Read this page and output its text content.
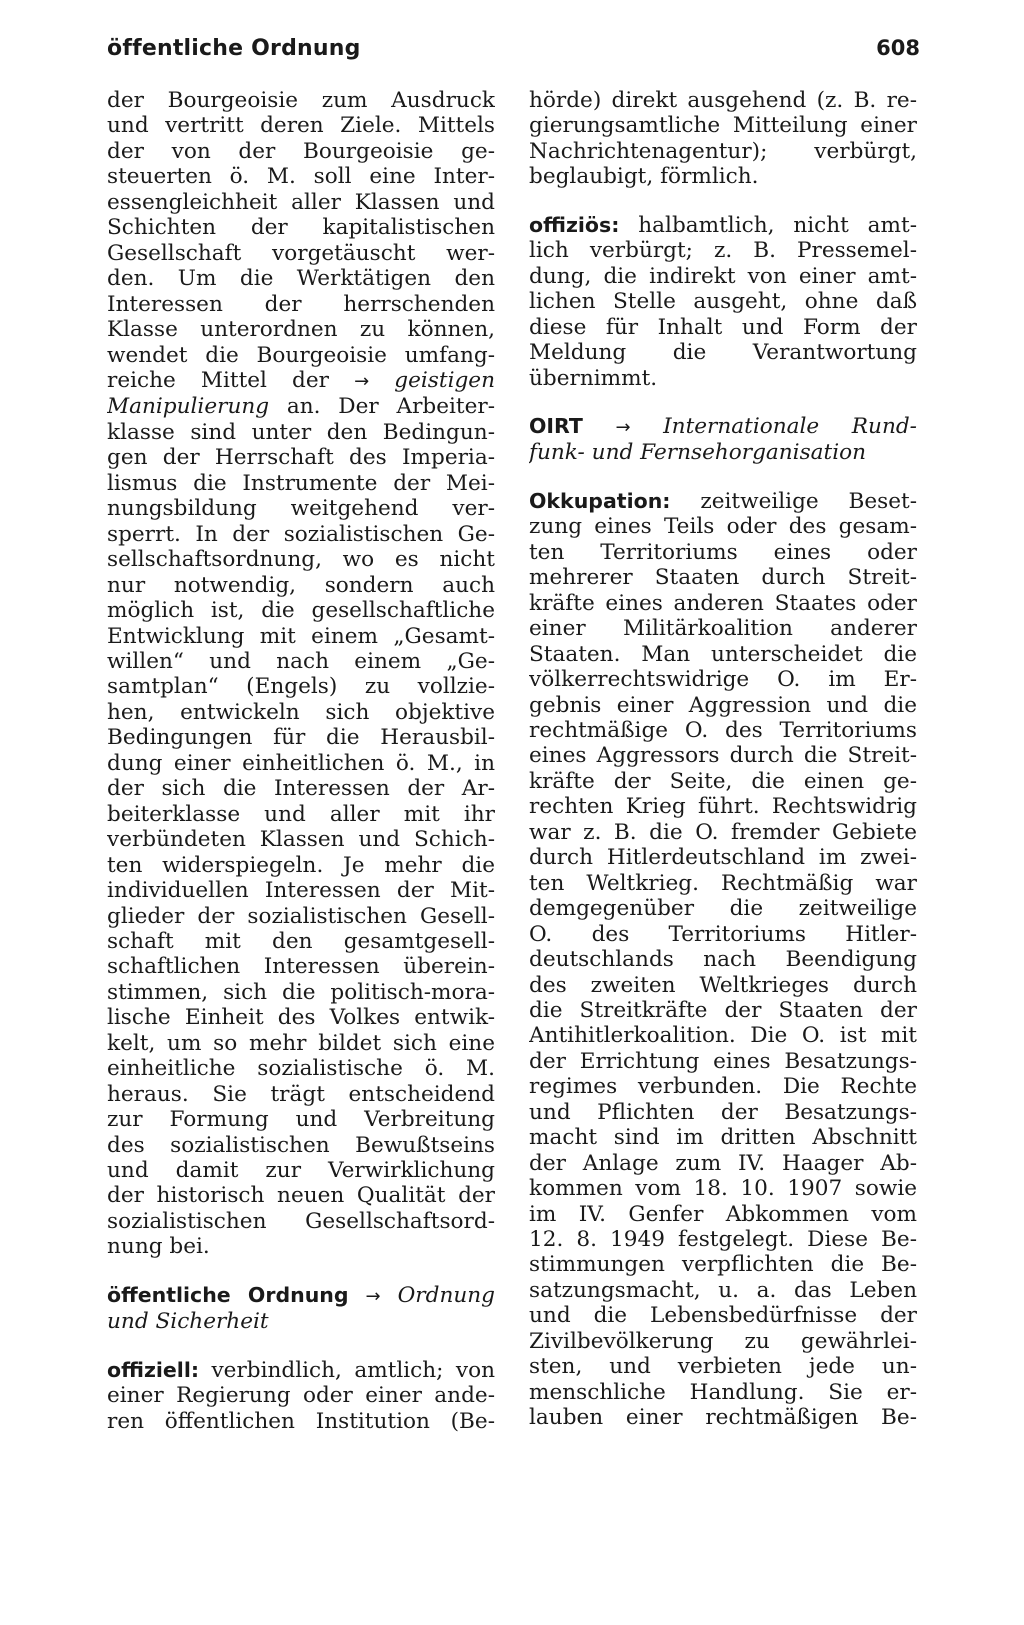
öffentliche Ordnung	608
der Bourgeoisie zum Ausdruck
und vertritt deren Ziele. Mittels
der von der Bourgeoisie ge-
steuerten ö. M. soll eine Inter-
essengleichheit aller Klassen und
Schichten der kapitalistischen
Gesellschaft vorgetäuscht wer-
den. Um die Werktätigen den
Interessen der herrschenden
Klasse unterordnen zu können,
wendet die Bourgeoisie umfang-
reiche Mittel der → geistigen
Manipulierung an. Der Arbeiter-
klasse sind unter den Bedingun-
gen der Herrschaft des Imperia-
lismus die Instrumente der Mei-
nungsbildung weitgehend ver-
sperrt. In der sozialistischen Ge-
sellschaftsordnung, wo es nicht
nur notwendig, sondern auch
möglich ist, die gesellschaftliche
Entwicklung mit einem „Gesamt-
willen“ und nach einem „Ge-
samtplan“ (Engels) zu vollzie-
hen, entwickeln sich objektive
Bedingungen für die Herausbil-
dung einer einheitlichen ö. M., in
der sich die Interessen der Ar-
beiterklasse und aller mit ihr
verbündeten Klassen und Schich-
ten widerspiegeln. Je mehr die
individuellen Interessen der Mit-
glieder der sozialistischen Gesell-
schaft mit den gesamtgesell-
schaftlichen Interessen überein-
stimmen, sich die politisch-mora-
lische Einheit des Volkes entwik-
kelt, um so mehr bildet sich eine
einheitliche sozialistische ö. M.
heraus. Sie trägt entscheidend
zur Formung und Verbreitung
des sozialistischen Bewußtseins
und damit zur Verwirklichung
der historisch neuen Qualität der
sozialistischen Gesellschaftsord-
nung bei.
öffentliche Ordnung → Ordnung
und Sicherheit
offiziell: verbindlich, amtlich; von
einer Regierung oder einer ande-
ren öffentlichen Institution (Be-
hörde) direkt ausgehend (z. B. re-
gierungsamtliche Mitteilung einer
Nachrichtenagentur); verbürgt,
beglaubigt, förmlich.
offiziös: halbamtlich, nicht amt-
lich verbürgt; z. B. Pressemel-
dung, die indirekt von einer amt-
lichen Stelle ausgeht, ohne daß
diese für Inhalt und Form der
Meldung die Verantwortung
übernimmt.
OIRT → Internationale Rund-
funk- und Fernsehorganisation
Okkupation: zeitweilige Beset-
zung eines Teils oder des gesam-
ten Territoriums eines oder
mehrerer Staaten durch Streit-
kräfte eines anderen Staates oder
einer Militärkoalition anderer
Staaten. Man unterscheidet die
völkerrechtswidrige O. im Er-
gebnis einer Aggression und die
rechtmäßige O. des Territoriums
eines Aggressors durch die Streit-
kräfte der Seite, die einen ge-
rechten Krieg führt. Rechtswidrig
war z. B. die O. fremder Gebiete
durch Hitlerdeutschland im zwei-
ten Weltkrieg. Rechtmäßig war
demgegenüber die zeitweilige
O. des Territoriums Hitler-
deutschlands nach Beendigung
des zweiten Weltkrieges durch
die Streitkräfte der Staaten der
Antihitlerkoalition. Die O. ist mit
der Errichtung eines Besatzungs-
regimes verbunden. Die Rechte
und Pflichten der Besatzungs-
macht sind im dritten Abschnitt
der Anlage zum IV. Haager Ab-
kommen vom 18. 10. 1907 sowie
im IV. Genfer Abkommen vom
12. 8. 1949 festgelegt. Diese Be-
stimmungen verpflichten die Be-
satzungsmacht, u. a. das Leben
und die Lebensbedürfnisse der
Zivilbevölkerung zu gewährlei-
sten, und verbieten jede un-
menschliche Handlung. Sie er-
lauben einer rechtmäßigen Be-
